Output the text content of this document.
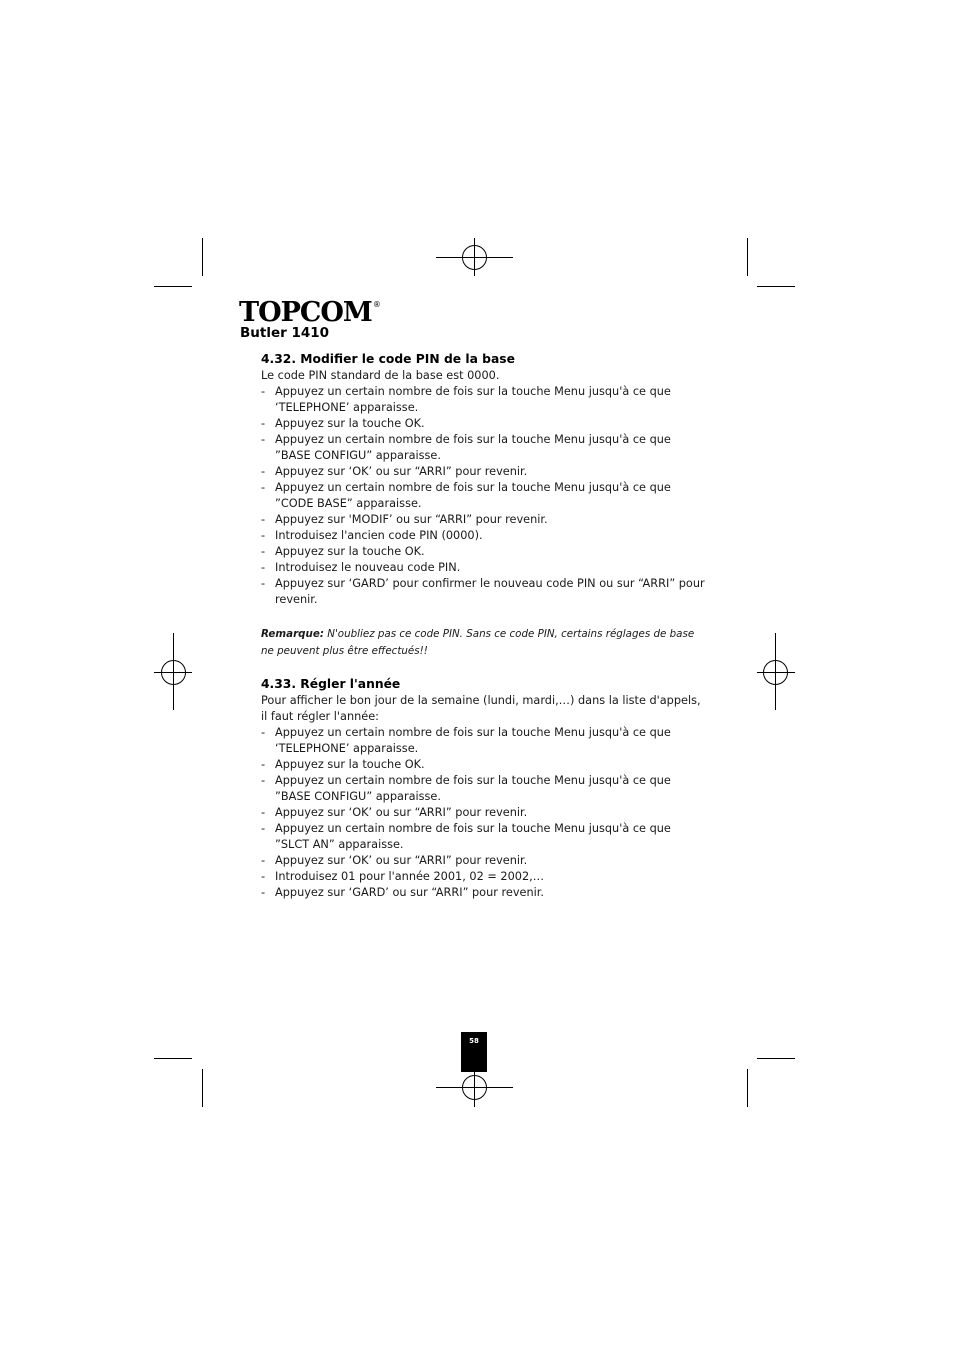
TOPCOM ®
Butler 1410
4.32. Modifier le code PIN de la base

Le code PIN standard de la base est 0000.

- Appuyez un certain nombre de fois sur la touche Menu jusqu'à ce que ‘TELEPHONE’ apparaisse.
- Appuyez sur la touche OK.
- Appuyez un certain nombre de fois sur la touche Menu jusqu'à ce que ”BASE CONFIGU” apparaisse.
- Appuyez sur ‘OK’ ou sur “ARRI” pour revenir.
- Appuyez un certain nombre de fois sur la touche Menu jusqu'à ce que ”CODE BASE” apparaisse.
- Appuyez sur 'MODIF’ ou sur “ARRI” pour revenir.
- Introduisez l'ancien code PIN (0000).
- Appuyez sur la touche OK.
- Introduisez le nouveau code PIN.
- Appuyez sur ‘GARD’ pour confirmer le nouveau code PIN ou sur “ARRI” pour revenir.

Remarque: N'oubliez pas ce code PIN. Sans ce code PIN, certains réglages de base ne peuvent plus être effectués!!

4.33. Régler l'année

Pour afficher le bon jour de la semaine (lundi, mardi,…) dans la liste d'appels, il faut régler l'année:

- Appuyez un certain nombre de fois sur la touche Menu jusqu'à ce que ‘TELEPHONE’ apparaisse.
- Appuyez sur la touche OK.
- Appuyez un certain nombre de fois sur la touche Menu jusqu'à ce que ”BASE CONFIGU” apparaisse.
- Appuyez sur ‘OK’ ou sur “ARRI” pour revenir.
- Appuyez un certain nombre de fois sur la touche Menu jusqu'à ce que ”SLCT AN” apparaisse.
- Appuyez sur ‘OK’ ou sur “ARRI” pour revenir.
- Introduisez 01 pour l'année 2001, 02 = 2002,…
- Appuyez sur ‘GARD’ ou sur “ARRI” pour revenir.
58
